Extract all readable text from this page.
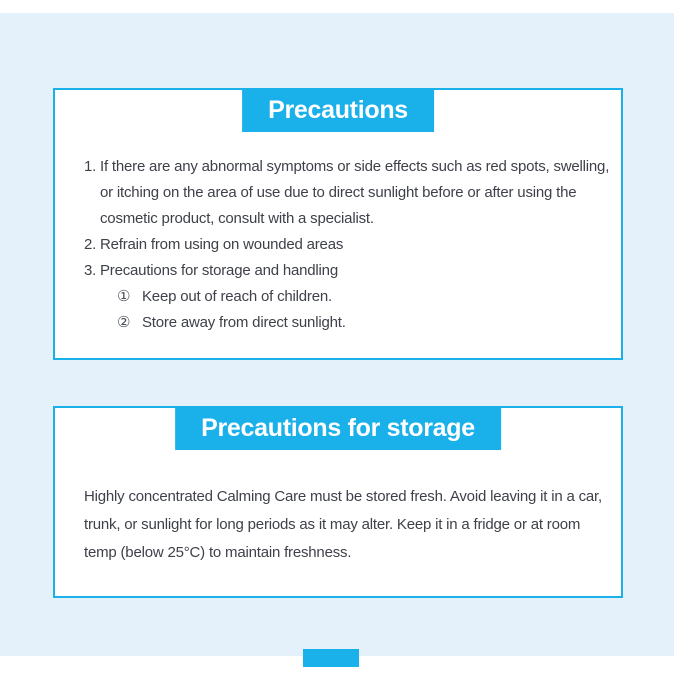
Precautions
1. If there are any abnormal symptoms or side effects such as red spots, swelling, or itching on the area of use due to direct sunlight before or after using the cosmetic product, consult with a specialist.
2. Refrain from using on wounded areas
3. Precautions for storage and handling
① Keep out of reach of children.
② Store away from direct sunlight.
Precautions for storage

Highly concentrated Calming Care must be stored fresh. Avoid leaving it in a car, trunk, or sunlight for long periods as it may alter. Keep it in a fridge or at room temp (below 25°C) to maintain freshness.
